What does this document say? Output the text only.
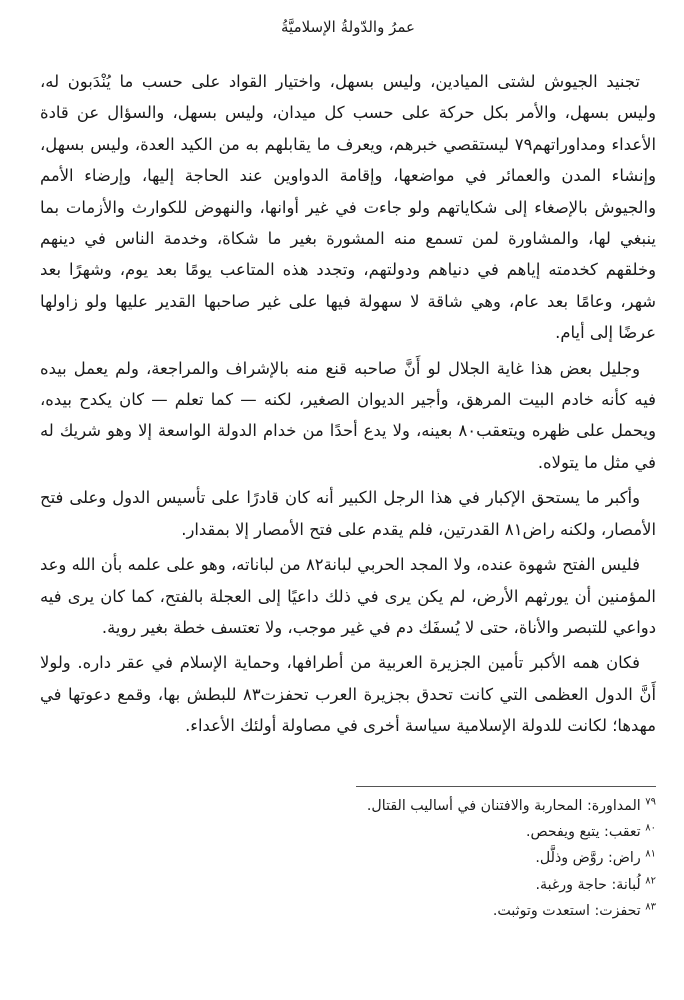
عمرُ والدّولةُ الإسلاميَّةُ

تجنيد الجيوش لشتى الميادين، وليس بسهل، واختيار القواد على حسب ما يُنْدَبون له، وليس بسهل، والأمر بكل حركة على حسب كل ميدان، وليس بسهل، والسؤال عن قادة الأعداء ومداوراتهم٧٩ ليستقصي خبرهم، ويعرف ما يقابلهم به من الكيد العدة، وليس بسهل، وإنشاء المدن والعمائر في مواضعها، وإقامة الدواوين عند الحاجة إليها، وإرضاء الأمم والجيوش بالإصغاء إلى شكاياتهم ولو جاءت في غير أوانها، والنهوض للكوارث والأزمات بما ينبغي لها، والمشاورة لمن تسمع منه المشورة بغير ما شكاة، وخدمة الناس في دينهم وخلقهم كخدمته إياهم في دنياهم ودولتهم، وتجدد هذه المتاعب يومًا بعد يوم، وشهرًا بعد شهر، وعامًا بعد عام، وهي شاقة لا سهولة فيها على غير صاحبها القدير عليها ولو زاولها عرضًا إلى أيام.

وجليل بعض هذا غاية الجلال لو أَنَّ صاحبه قنع منه بالإشراف والمراجعة، ولم يعمل بيده فيه كأنه خادم البيت المرهق، وأجير الديوان الصغير، لكنه — كما تعلم — كان يكدح بيده، ويحمل على ظهره ويتعقب٨٠ بعينه، ولا يدع أحدًا من خدام الدولة الواسعة إلا وهو شريك له في مثل ما يتولاه.

وأكبر ما يستحق الإكبار في هذا الرجل الكبير أنه كان قادرًا على تأسيس الدول وعلى فتح الأمصار، ولكنه راض٨١ القدرتين، فلم يقدم على فتح الأمصار إلا بمقدار.

فليس الفتح شهوة عنده، ولا المجد الحربي لبانة٨٢ من لباناته، وهو على علمه بأن الله وعد المؤمنين أن يورثهم الأرض، لم يكن يرى في ذلك داعيًا إلى العجلة بالفتح، كما كان يرى فيه دواعي للتبصر والأناة، حتى لا يُسفَك دم في غير موجب، ولا تعتسف خطة بغير روية.

فكان همه الأكبر تأمين الجزيرة العربية من أطرافها، وحماية الإسلام في عقر داره. ولولا أَنَّ الدول العظمى التي كانت تحدق بجزيرة العرب تحفزت٨٣ للبطش بها، وقمع دعوتها في مهدها؛ لكانت للدولة الإسلامية سياسة أخرى في مصاولة أولئك الأعداء.

$^{٧٩}$ المداورة: المحاربة والافتنان في أساليب القتال.

$^{٨٠}$ تعقب: يتبع ويفحص.

$^{٨١}$ راض: روَّض وذلَّل.

$^{٨٢}$ لُبانة: حاجة ورغبة.

$^{٨٣}$ تحفزت: استعدت وتوثبت.
